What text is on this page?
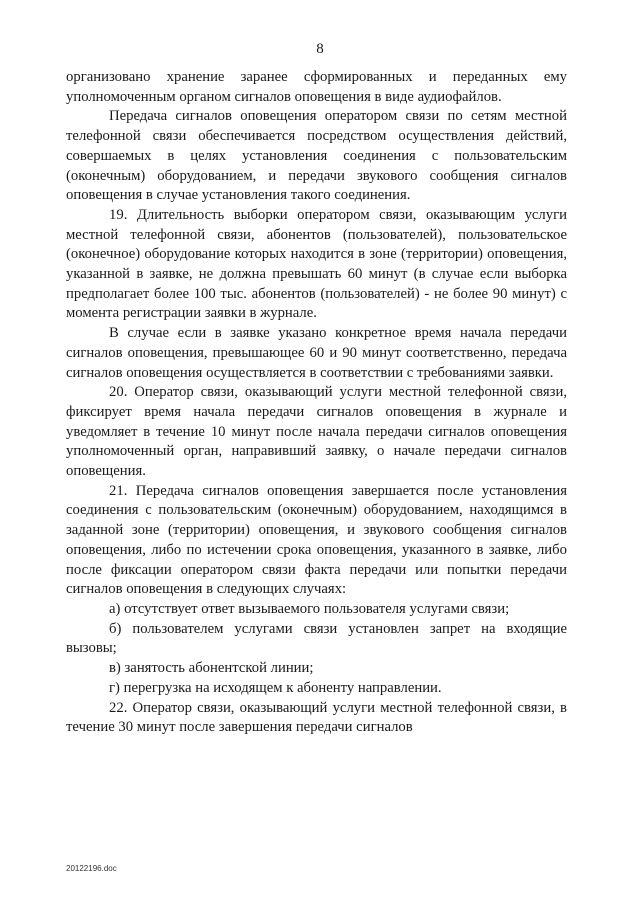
8

организовано хранение заранее сформированных и переданных ему уполномоченным органом сигналов оповещения в виде аудиофайлов.

Передача сигналов оповещения оператором связи по сетям местной телефонной связи обеспечивается посредством осуществления действий, совершаемых в целях установления соединения с пользовательским (оконечным) оборудованием, и передачи звукового сообщения сигналов оповещения в случае установления такого соединения.

19. Длительность выборки оператором связи, оказывающим услуги местной телефонной связи, абонентов (пользователей), пользовательское (оконечное) оборудование которых находится в зоне (территории) оповещения, указанной в заявке, не должна превышать 60 минут (в случае если выборка предполагает более 100 тыс. абонентов (пользователей) - не более 90 минут) с момента регистрации заявки в журнале.

В случае если в заявке указано конкретное время начала передачи сигналов оповещения, превышающее 60 и 90 минут соответственно, передача сигналов оповещения осуществляется в соответствии с требованиями заявки.

20. Оператор связи, оказывающий услуги местной телефонной связи, фиксирует время начала передачи сигналов оповещения в журнале и уведомляет в течение 10 минут после начала передачи сигналов оповещения уполномоченный орган, направивший заявку, о начале передачи сигналов оповещения.

21. Передача сигналов оповещения завершается после установления соединения с пользовательским (оконечным) оборудованием, находящимся в заданной зоне (территории) оповещения, и звукового сообщения сигналов оповещения, либо по истечении срока оповещения, указанного в заявке, либо после фиксации оператором связи факта передачи или попытки передачи сигналов оповещения в следующих случаях:

а) отсутствует ответ вызываемого пользователя услугами связи;

б) пользователем услугами связи установлен запрет на входящие вызовы;

в) занятость абонентской линии;

г) перегрузка на исходящем к абоненту направлении.

22. Оператор связи, оказывающий услуги местной телефонной связи, в течение 30 минут после завершения передачи сигналов

20122196.doc
